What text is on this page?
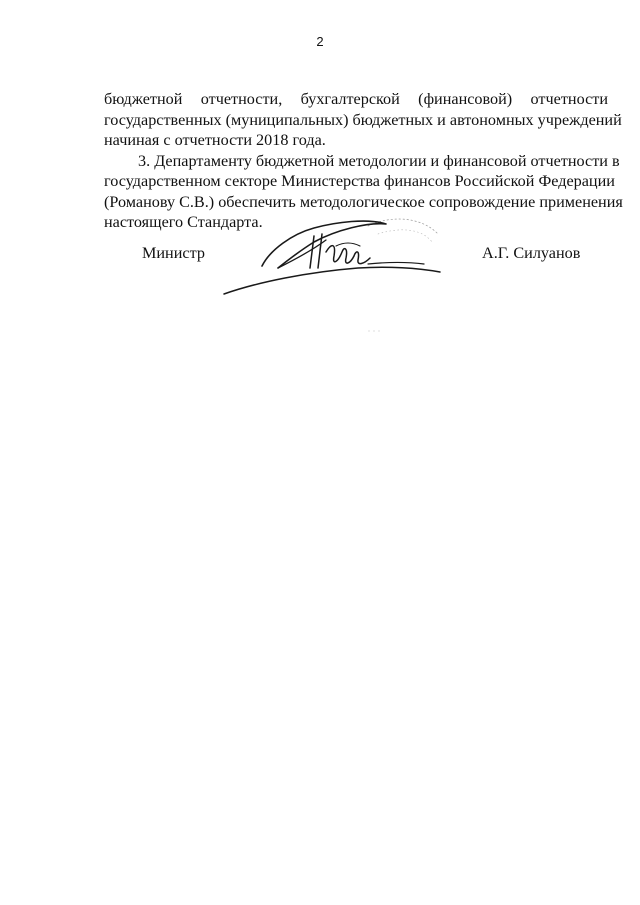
2

бюджетной отчетности, бухгалтерской (финансовой) отчетности
государственных (муниципальных) бюджетных и автономных учреждений
начиная с отчетности 2018 года.

3. Департаменту бюджетной методологии и финансовой отчетности в
государственном секторе Министерства финансов Российской Федерации
(Романову С.В.) обеспечить методологическое сопровождение применения
настоящего Стандарта.

Министр	А.Г. Силуанов
